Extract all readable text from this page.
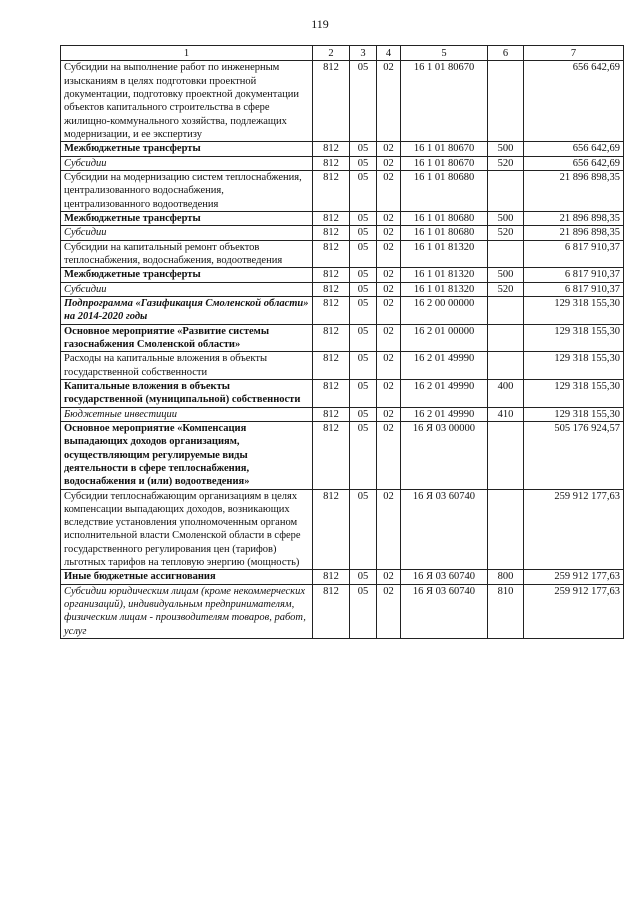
119
1	2	3	4	5	6	7
Субсидии на выполнение работ по инженерным изысканиям в целях подготовки проектной документации, подготовку проектной документации объектов капитального строительства в сфере жилищно-коммунального хозяйства, подлежащих модернизации, и ее экспертизу	812	05	02	16 1 01 80670		656 642,69
Межбюджетные трансферты	812	05	02	16 1 01 80670	500	656 642,69
Субсидии	812	05	02	16 1 01 80670	520	656 642,69
Субсидии на модернизацию систем теплоснабжения, централизованного водоснабжения, централизованного водоотведения	812	05	02	16 1 01 80680		21 896 898,35
Межбюджетные трансферты	812	05	02	16 1 01 80680	500	21 896 898,35
Субсидии	812	05	02	16 1 01 80680	520	21 896 898,35
Субсидии на капитальный ремонт объектов теплоснабжения, водоснабжения, водоотведения	812	05	02	16 1 01 81320		6 817 910,37
Межбюджетные трансферты	812	05	02	16 1 01 81320	500	6 817 910,37
Субсидии	812	05	02	16 1 01 81320	520	6 817 910,37
Подпрограмма «Газификация Смоленской области» на 2014-2020 годы	812	05	02	16 2 00 00000		129 318 155,30
Основное мероприятие «Развитие системы газоснабжения Смоленской области»	812	05	02	16 2 01 00000		129 318 155,30
Расходы на капитальные вложения в объекты государственной собственности	812	05	02	16 2 01 49990		129 318 155,30
Капитальные вложения в объекты государственной (муниципальной) собственности	812	05	02	16 2 01 49990	400	129 318 155,30
Бюджетные инвестиции	812	05	02	16 2 01 49990	410	129 318 155,30
Основное мероприятие «Компенсация выпадающих доходов организациям, осуществляющим регулируемые виды деятельности в сфере теплоснабжения, водоснабжения и (или) водоотведения»	812	05	02	16 Я 03 00000		505 176 924,57
Субсидии теплоснабжающим организациям в целях компенсации выпадающих доходов, возникающих вследствие установления уполномоченным органом исполнительной власти Смоленской области в сфере государственного регулирования цен (тарифов) льготных тарифов на тепловую энергию (мощность)	812	05	02	16 Я 03 60740		259 912 177,63
Иные бюджетные ассигнования	812	05	02	16 Я 03 60740	800	259 912 177,63
Субсидии юридическим лицам (кроме некоммерческих организаций), индивидуальным предпринимателям, физическим лицам - производителям товаров, работ, услуг	812	05	02	16 Я 03 60740	810	259 912 177,63
